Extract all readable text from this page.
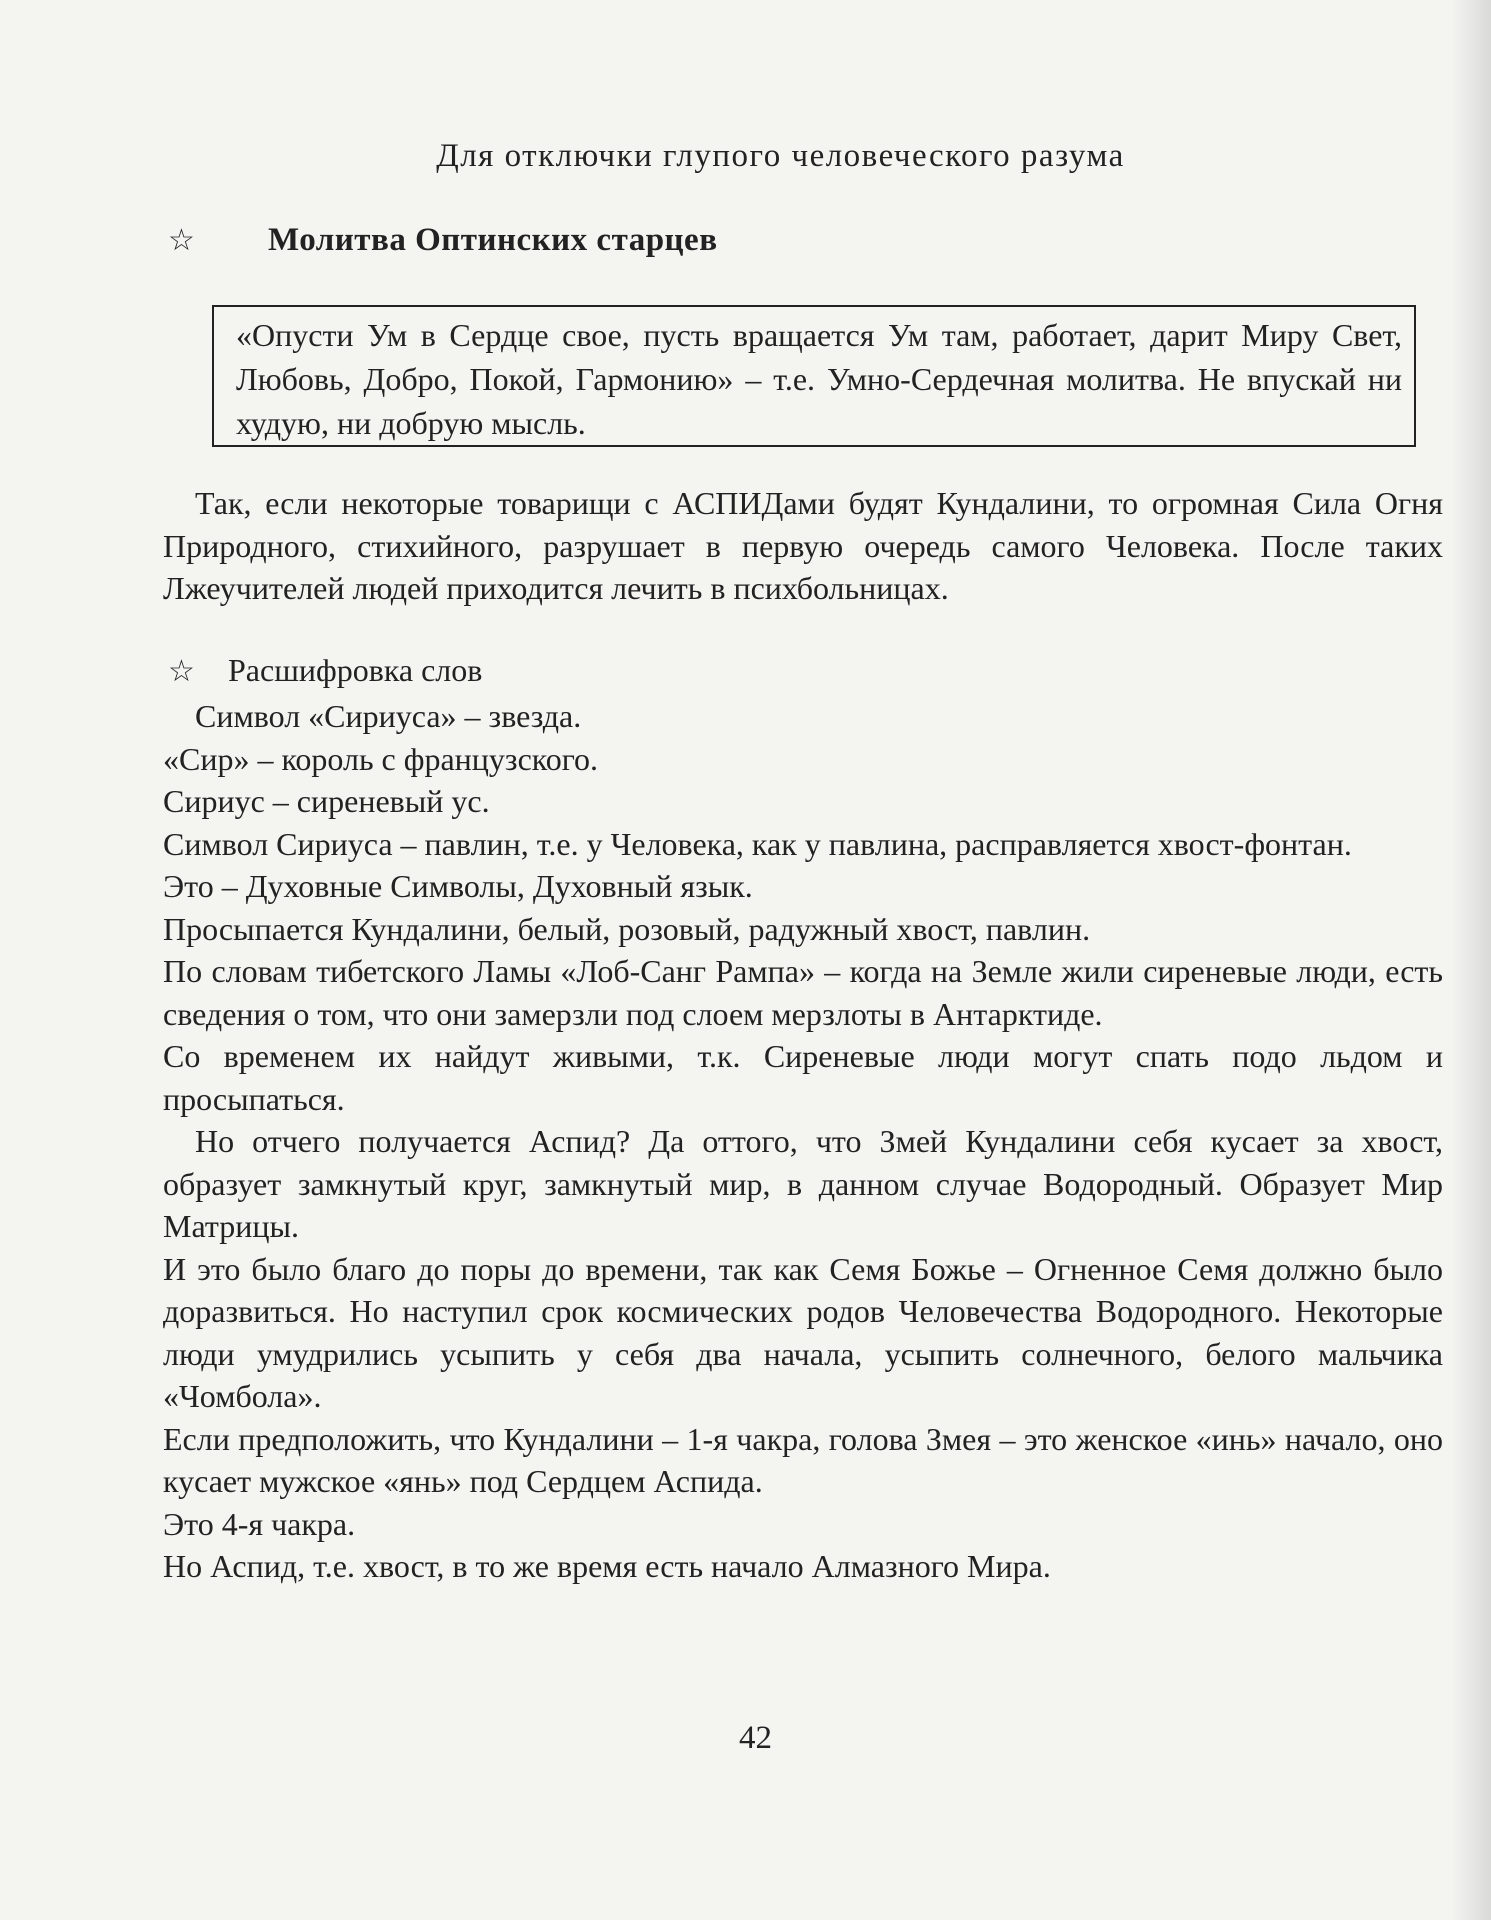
Для отключки глупого человеческого разума
☆ Молитва Оптинских старцев
«Опусти Ум в Сердце свое, пусть вращается Ум там, работает, дарит Миру Свет, Любовь, Добро, Покой, Гармонию» – т.е. Умно-Сердечная молитва. Не впускай ни худую, ни добрую мысль.
Так, если некоторые товарищи с АСПИДами будят Кундалини, то огромная Сила Огня Природного, стихийного, разрушает в первую очередь самого Человека. После таких Лжеучителей людей приходится лечить в психбольницах.
☆ Расшифровка слов
Символ «Сириуса» – звезда.
«Сир» – король с французского.
Сириус – сиреневый ус.
Символ Сириуса – павлин, т.е. у Человека, как у павлина, расправляется хвост-фонтан.
Это – Духовные Символы, Духовный язык.
Просыпается Кундалини, белый, розовый, радужный хвост, павлин.
По словам тибетского Ламы «Лоб-Санг Рампа» – когда на Земле жили сиреневые люди, есть сведения о том, что они замерзли под слоем мерзлоты в Антарктиде.
Со временем их найдут живыми, т.к. Сиреневые люди могут спать подо льдом и просыпаться.
Но отчего получается Аспид? Да оттого, что Змей Кундалини себя кусает за хвост, образует замкнутый круг, замкнутый мир, в данном случае Водородный. Образует Мир Матрицы.
И это было благо до поры до времени, так как Семя Божье – Огненное Семя должно было доразвиться. Но наступил срок космических родов Человечества Водородного. Некоторые люди умудрились усыпить у себя два начала, усыпить солнечного, белого мальчика «Чомбола».
Если предположить, что Кундалини – 1-я чакра, голова Змея – это женское «инь» начало, оно кусает мужское «янь» под Сердцем Аспида.
Это 4-я чакра.
Но Аспид, т.е. хвост, в то же время есть начало Алмазного Мира.
42
